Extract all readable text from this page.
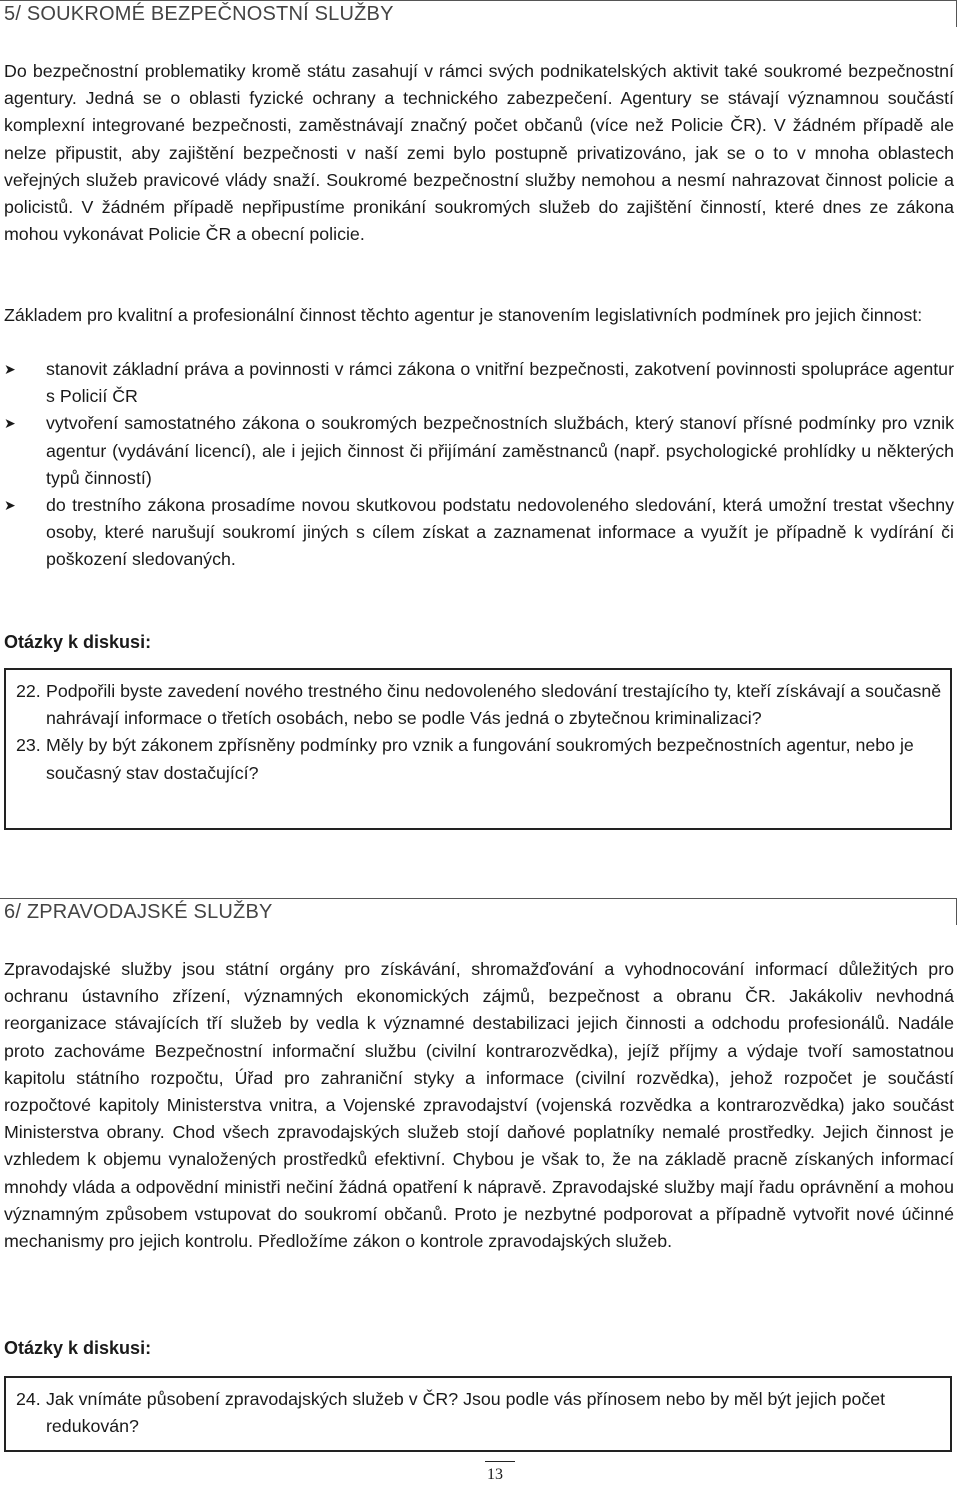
5/ SOUKROMÉ BEZPEČNOSTNÍ SLUŽBY

Do bezpečnostní problematiky kromě státu zasahují v rámci svých podnikatelských aktivit také soukromé bezpečnostní agentury. Jedná se o oblasti fyzické ochrany a technického zabezpečení. Agentury se stávají významnou součástí komplexní integrované bezpečnosti, zaměstnávají značný počet občanů (více než Policie ČR). V žádném případě ale nelze připustit, aby zajištění bezpečnosti v naší zemi bylo postupně privatizováno, jak se o to v mnoha oblastech veřejných služeb pravicové vlády snaží. Soukromé bezpečnostní služby nemohou a nesmí nahrazovat činnost policie a policistů. V žádném případě nepřipustíme pronikání soukromých služeb do zajištění činností, které dnes ze zákona mohou vykonávat Policie ČR a obecní policie.

Základem pro kvalitní a profesionální činnost těchto agentur je stanovením legislativních podmínek pro jejich činnost:

➤	stanovit základní práva a povinnosti v rámci zákona o vnitřní bezpečnosti, zakotvení povinnosti spolupráce agentur s Policií ČR
➤	vytvoření samostatného zákona o soukromých bezpečnostních službách, který stanoví přísné podmínky pro vznik agentur (vydávání licencí), ale i jejich činnost či přijímání zaměstnanců (např. psychologické prohlídky u některých typů činností)
➤	do trestního zákona prosadíme novou skutkovou podstatu nedovoleného sledování, která umožní trestat všechny osoby, které narušují soukromí jiných s cílem získat a zaznamenat informace a využít je případně k vydírání či poškození sledovaných.
Otázky k diskusi:
22. Podpořili byste zavedení nového trestného činu nedovoleného sledování trestajícího ty, kteří získávají a současně nahrávají informace o třetích osobách, nebo se podle Vás jedná o zbytečnou kriminalizaci?
23. Měly by být zákonem zpřísněny podmínky pro vznik a fungování soukromých bezpečnostních agentur, nebo je současný stav dostačující?
6/ ZPRAVODAJSKÉ SLUŽBY

Zpravodajské služby jsou státní orgány pro získávání, shromažďování a vyhodnocování informací důležitých pro ochranu ústavního zřízení, významných ekonomických zájmů, bezpečnost a obranu ČR. Jakákoliv nevhodná reorganizace stávajících tří služeb by vedla k významné destabilizaci jejich činnosti a odchodu profesionálů. Nadále proto zachováme Bezpečnostní informační službu (civilní kontrarozvědka), jejíž příjmy a výdaje tvoří samostatnou kapitolu státního rozpočtu, Úřad pro zahraniční styky a informace (civilní rozvědka), jehož rozpočet je součástí rozpočtové kapitoly Ministerstva vnitra, a Vojenské zpravodajství (vojenská rozvědka a kontrarozvědka) jako součást Ministerstva obrany. Chod všech zpravodajských služeb stojí daňové poplatníky nemalé prostředky. Jejich činnost je vzhledem k objemu vynaložených prostředků efektivní. Chybou je však to, že na základě pracně získaných informací mnohdy vláda a odpovědní ministři nečiní žádná opatření k nápravě. Zpravodajské služby mají řadu oprávnění a mohou významným způsobem vstupovat do soukromí občanů. Proto je nezbytné podporovat a případně vytvořit nové účinné mechanismy pro jejich kontrolu. Předložíme zákon o kontrole zpravodajských služeb.

Otázky k diskusi:
24. Jak vnímáte působení zpravodajských služeb v ČR? Jsou podle vás přínosem nebo by měl být jejich počet redukován?
13
